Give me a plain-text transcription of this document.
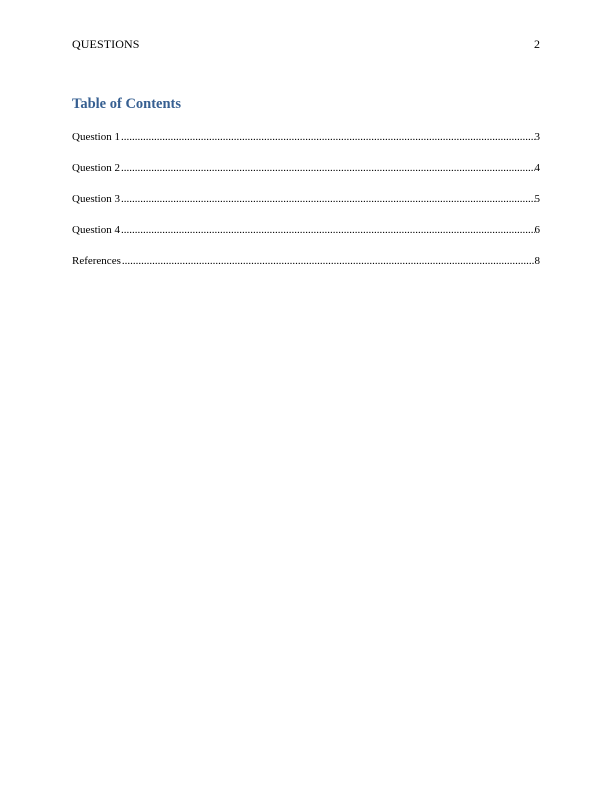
QUESTIONS	2
Table of Contents
Question 1 .....	3
Question 2 .....	4
Question 3 .....	5
Question 4 .....	6
References .....	8
